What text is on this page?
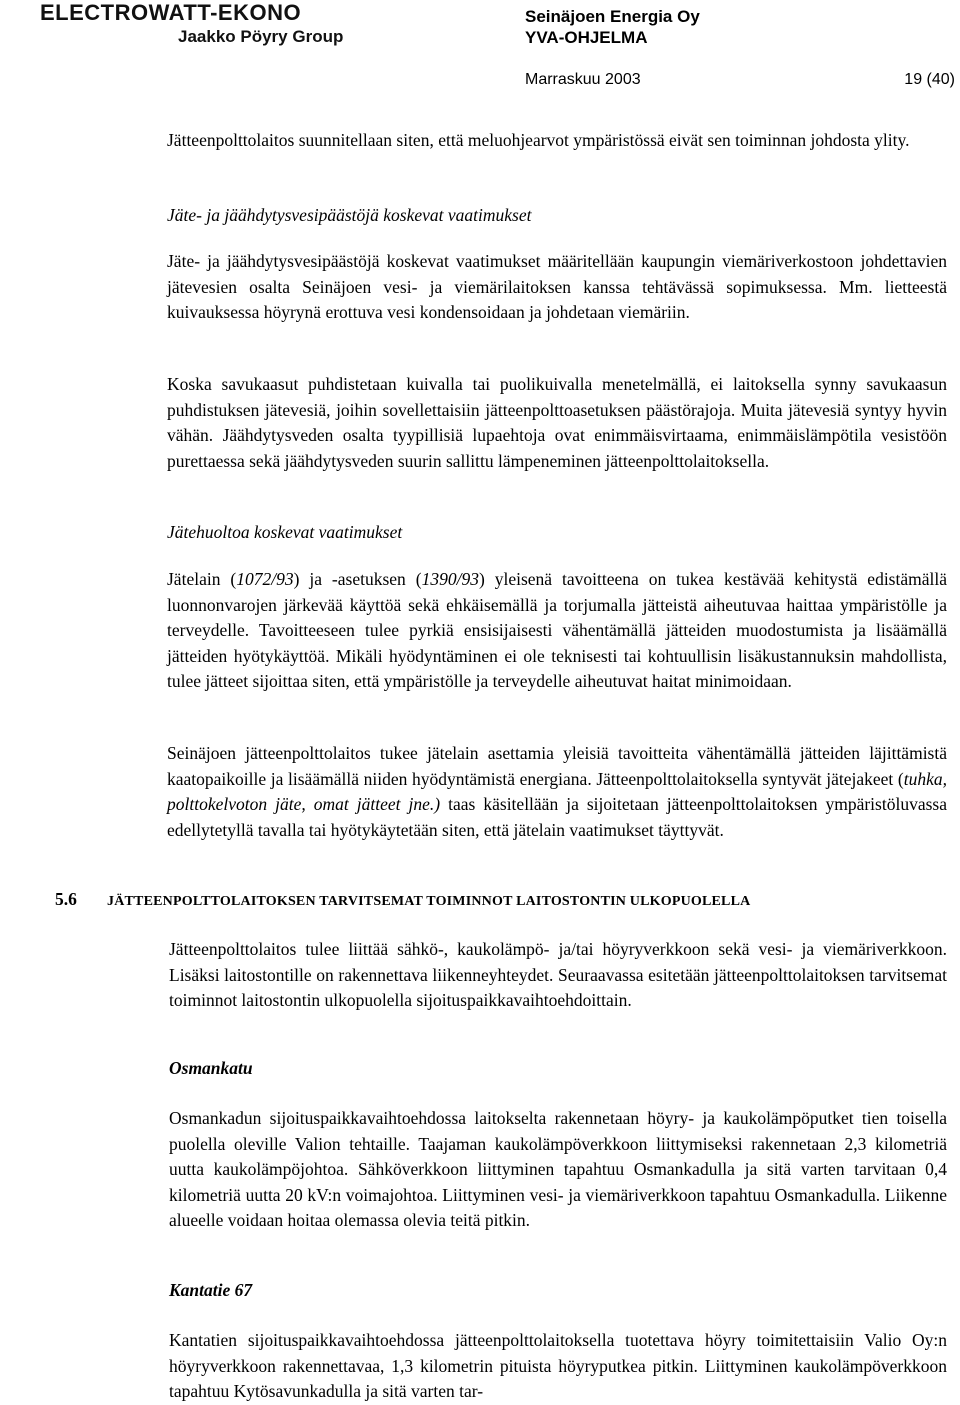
ELECTROWATT-EKONO
Jaakko Pöyry Group
Seinäjoen Energia Oy
YVA-OHJELMA
Marraskuu 2003	19 (40)
Jätteenpolttolaitos suunnitellaan siten, että meluohjearvot ympäristössä eivät sen toiminnan johdosta ylity.
Jäte- ja jäähdytysvesipäästöjä koskevat vaatimukset
Jäte- ja jäähdytysvesipäästöjä koskevat vaatimukset määritellään kaupungin viemäriverkostoon johdettavien jätevesien osalta Seinäjoen vesi- ja viemärilaitoksen kanssa tehtävässä sopimuksessa. Mm. lietteestä kuivauksessa höyrynä erottuva vesi kondensoidaan ja johdetaan viemäriin.
Koska savukaasut puhdistetaan kuivalla tai puolikuivalla menetelmällä, ei laitoksella synny savukaasun puhdistuksen jätevesiä, joihin sovellettaisiin jätteenpolttoasetuksen päästörajoja. Muita jätevesiä syntyy hyvin vähän. Jäähdytysveden osalta tyypillisiä lupaehtoja ovat enimmäisvirtaama, enimmäislämpötila vesistöön purettaessa sekä jäähdytysveden suurin sallittu lämpeneminen jätteenpolttolaitoksella.
Jätehuoltoa koskevat vaatimukset
Jätelain (1072/93) ja -asetuksen (1390/93) yleisenä tavoitteena on tukea kestävää kehitystä edistämällä luonnonvarojen järkevää käyttöä sekä ehkäisemällä ja torjumalla jätteistä aiheutuvaa haittaa ympäristölle ja terveydelle. Tavoitteeseen tulee pyrkiä ensisijaisesti vähentämällä jätteiden muodostumista ja lisäämällä jätteiden hyötykäyttöä. Mikäli hyödyntäminen ei ole teknisesti tai kohtuullisin lisäkustannuksin mahdollista, tulee jätteet sijoittaa siten, että ympäristölle ja terveydelle aiheutuvat haitat minimoidaan.
Seinäjoen jätteenpolttolaitos tukee jätelain asettamia yleisiä tavoitteita vähentämällä jätteiden läjittämistä kaatopaikoille ja lisäämällä niiden hyödyntämistä energiana. Jätteenpolttolaitoksella syntyvät jätejakeet (tuhka, polttokelvoton jäte, omat jätteet jne.) taas käsitellään ja sijoitetaan jätteenpolttolaitoksen ympäristöluvassa edellytetyllä tavalla tai hyötykäytetään siten, että jätelain vaatimukset täyttyvät.
5.6 JÄTTEENPOLTTOLAITOKSEN TARVITSEMAT TOIMINNOT LAITOSTONTIN ULKOPUOLELLA
Jätteenpolttolaitos tulee liittää sähkö-, kaukolämpö- ja/tai höyryverkkoon sekä vesi- ja viemäriverkkoon. Lisäksi laitostontille on rakennettava liikenneyhteydet. Seuraavassa esitetään jätteenpolttolaitoksen tarvitsemat toiminnot laitostontin ulkopuolella sijoituspaikkavaihtoehdoittain.
Osmankatu
Osmankadun sijoituspaikkavaihtoehdossa laitokselta rakennetaan höyry- ja kaukolämpöputket tien toisella puolella oleville Valion tehtaille. Taajaman kaukolämpöverkkoon liittymiseksi rakennetaan 2,3 kilometriä uutta kaukolämpöjohtoa. Sähköverkkoon liittyminen tapahtuu Osmankadulla ja sitä varten tarvitaan 0,4 kilometriä uutta 20 kV:n voimajohtoa. Liittyminen vesi- ja viemäriverkkoon tapahtuu Osmankadulla. Liikenne alueelle voidaan hoitaa olemassa olevia teitä pitkin.
Kantatie 67
Kantatien sijoituspaikkavaihtoehdossa jätteenpolttolaitoksella tuotettava höyry toimitettaisiin Valio Oy:n höyryverkkoon rakennettavaa, 1,3 kilometrin pituista höyryputkea pitkin. Liittyminen kaukolämpöverkkoon tapahtuu Kytösavunkadulla ja sitä varten tar-
